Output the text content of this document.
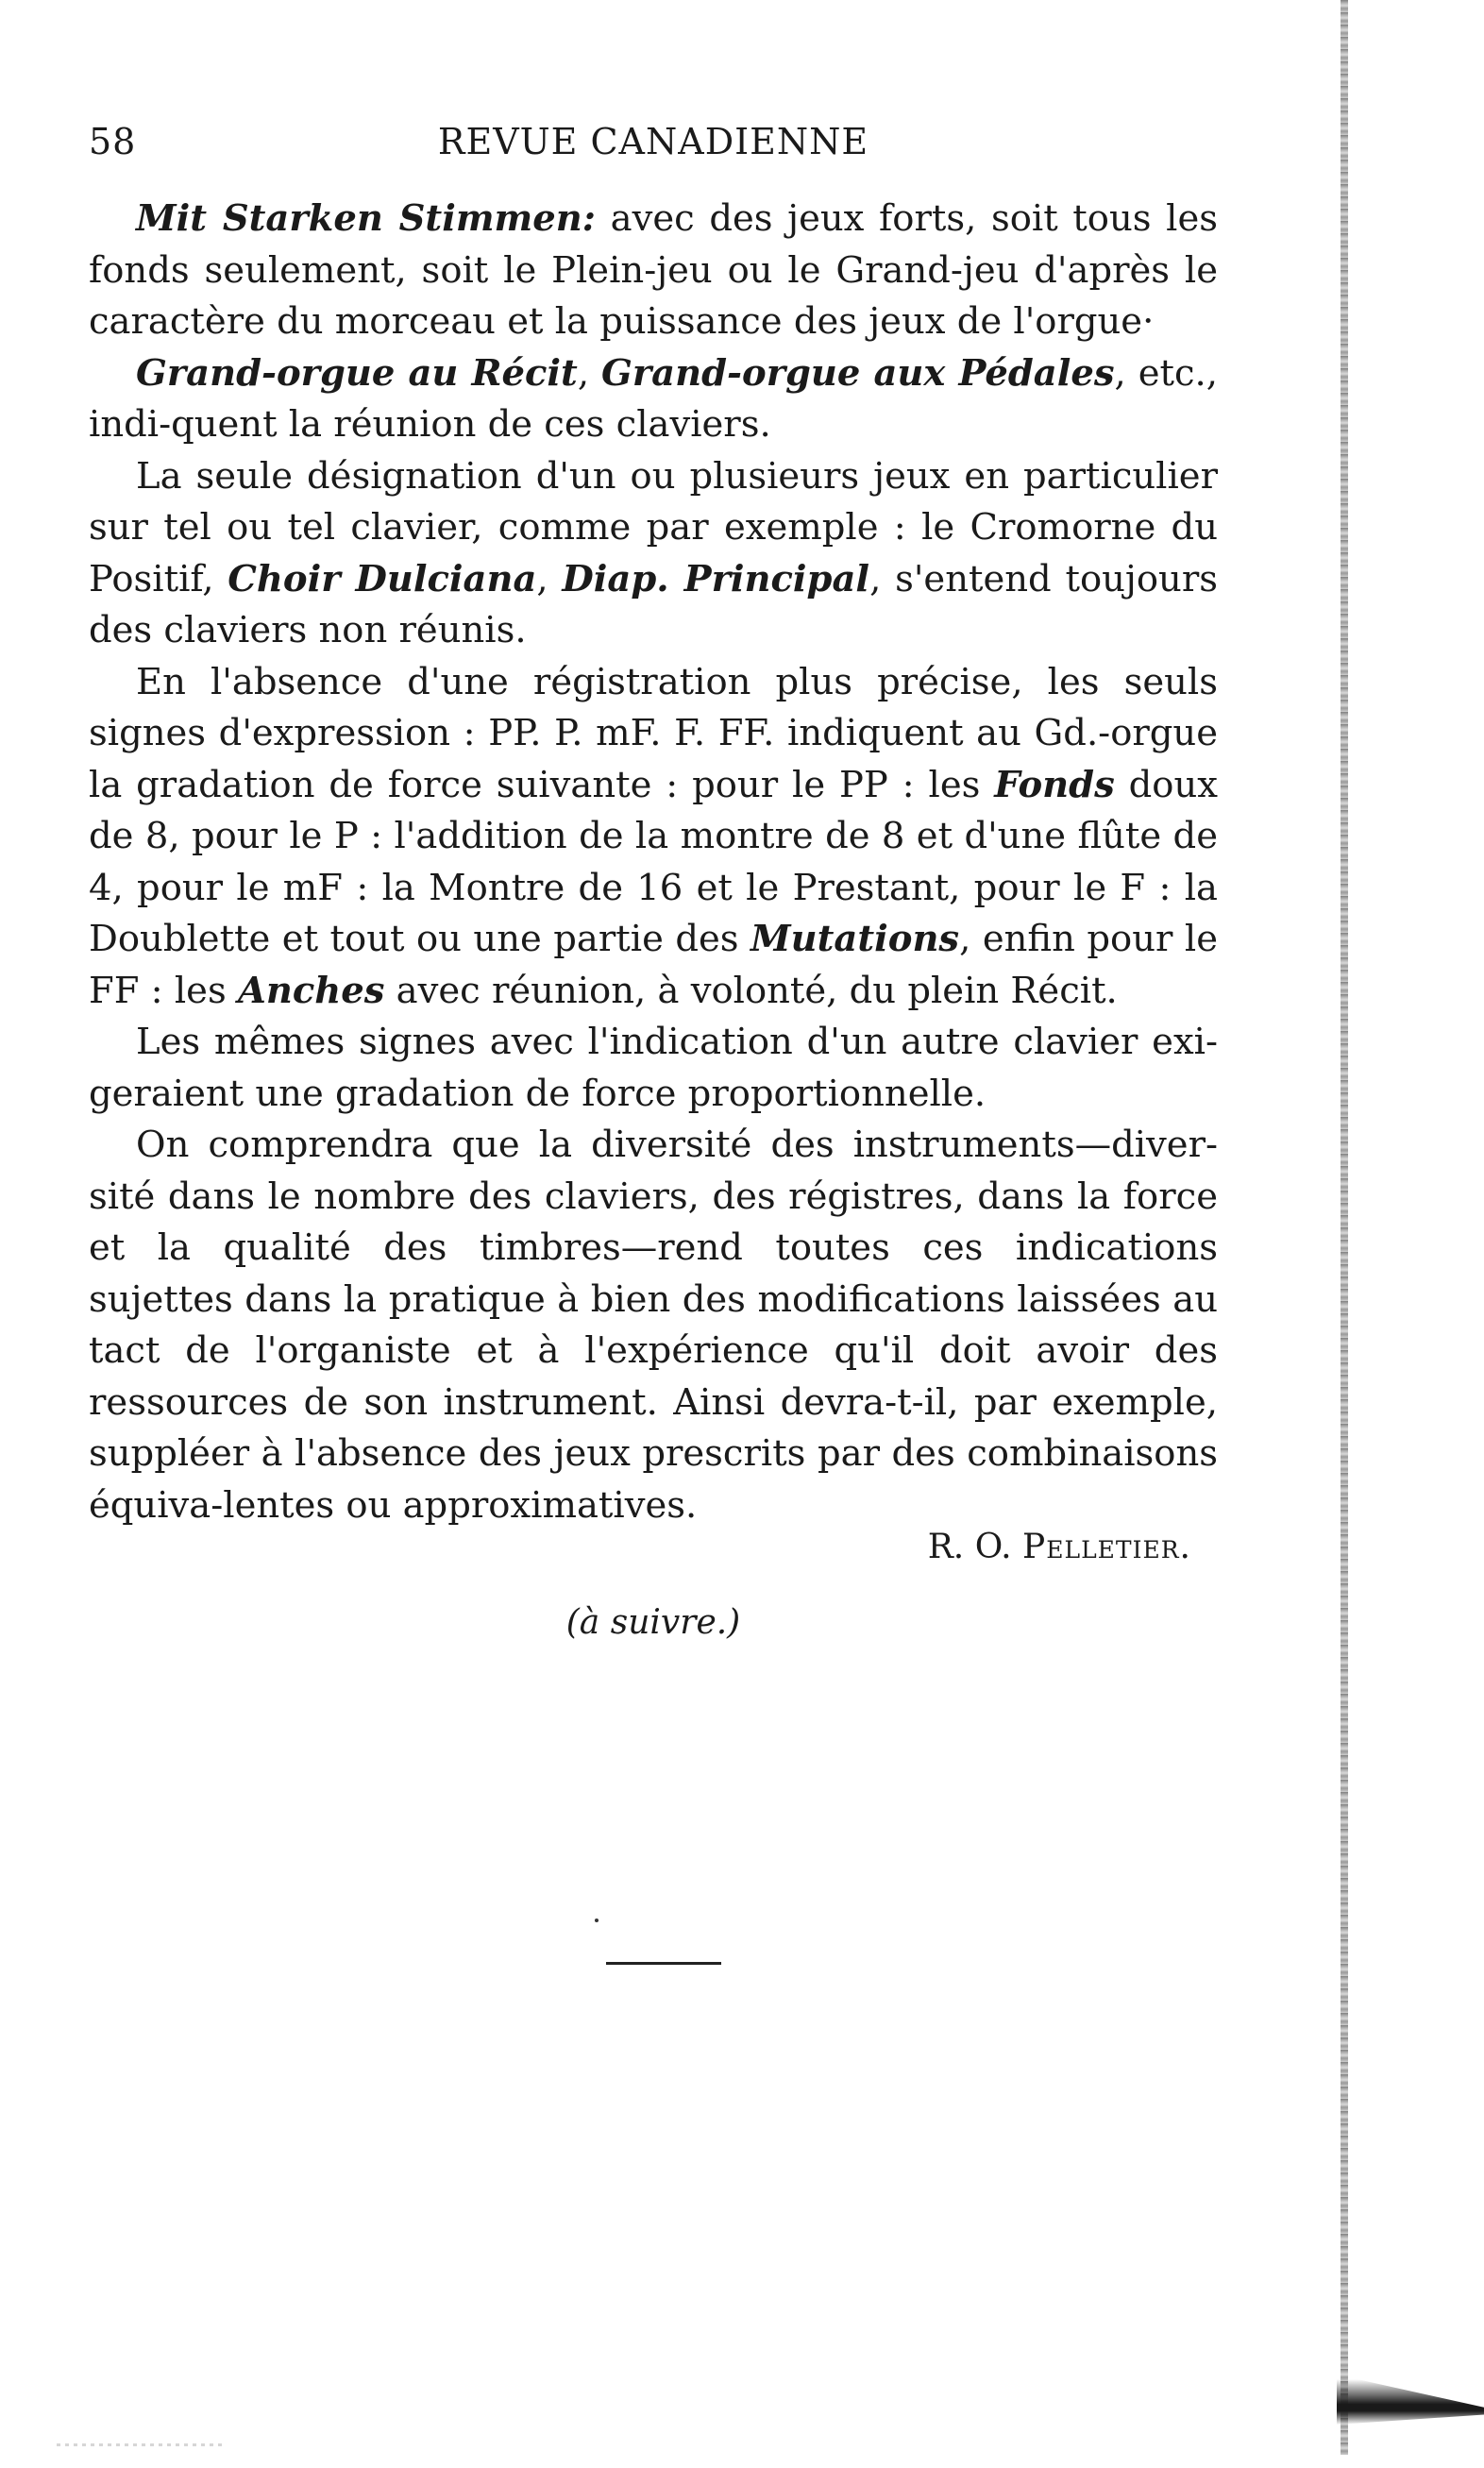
58	REVUE CANADIENNE

Mit Starken Stimmen: avec des jeux forts, soit tous les fonds seulement, soit le Plein-jeu ou le Grand-jeu d'après le caractère du morceau et la puissance des jeux de l'orgue·

Grand-orgue au Récit, Grand-orgue aux Pédales, etc., indi-quent la réunion de ces claviers.

La seule désignation d'un ou plusieurs jeux en particulier sur tel ou tel clavier, comme par exemple : le Cromorne du Positif, Choir Dulciana, Diap. Principal, s'entend toujours des claviers non réunis.

En l'absence d'une régistration plus précise, les seuls signes d'expression : PP. P. mF. F. FF. indiquent au Gd.-orgue la gradation de force suivante : pour le PP : les Fonds doux de 8, pour le P : l'addition de la montre de 8 et d'une flûte de 4, pour le mF : la Montre de 16 et le Prestant, pour le F : la Doublette et tout ou une partie des Mutations, enfin pour le FF : les Anches avec réunion, à volonté, du plein Récit.

Les mêmes signes avec l'indication d'un autre clavier exi-geraient une gradation de force proportionnelle.

On comprendra que la diversité des instruments—diver-sité dans le nombre des claviers, des régistres, dans la force et la qualité des timbres—rend toutes ces indications sujettes dans la pratique à bien des modifications laissées au tact de l'organiste et à l'expérience qu'il doit avoir des ressources de son instrument. Ainsi devra-t-il, par exemple, suppléer à l'absence des jeux prescrits par des combinaisons équiva-lentes ou approximatives.

R. O. Pelletier.
(à suivre.)
